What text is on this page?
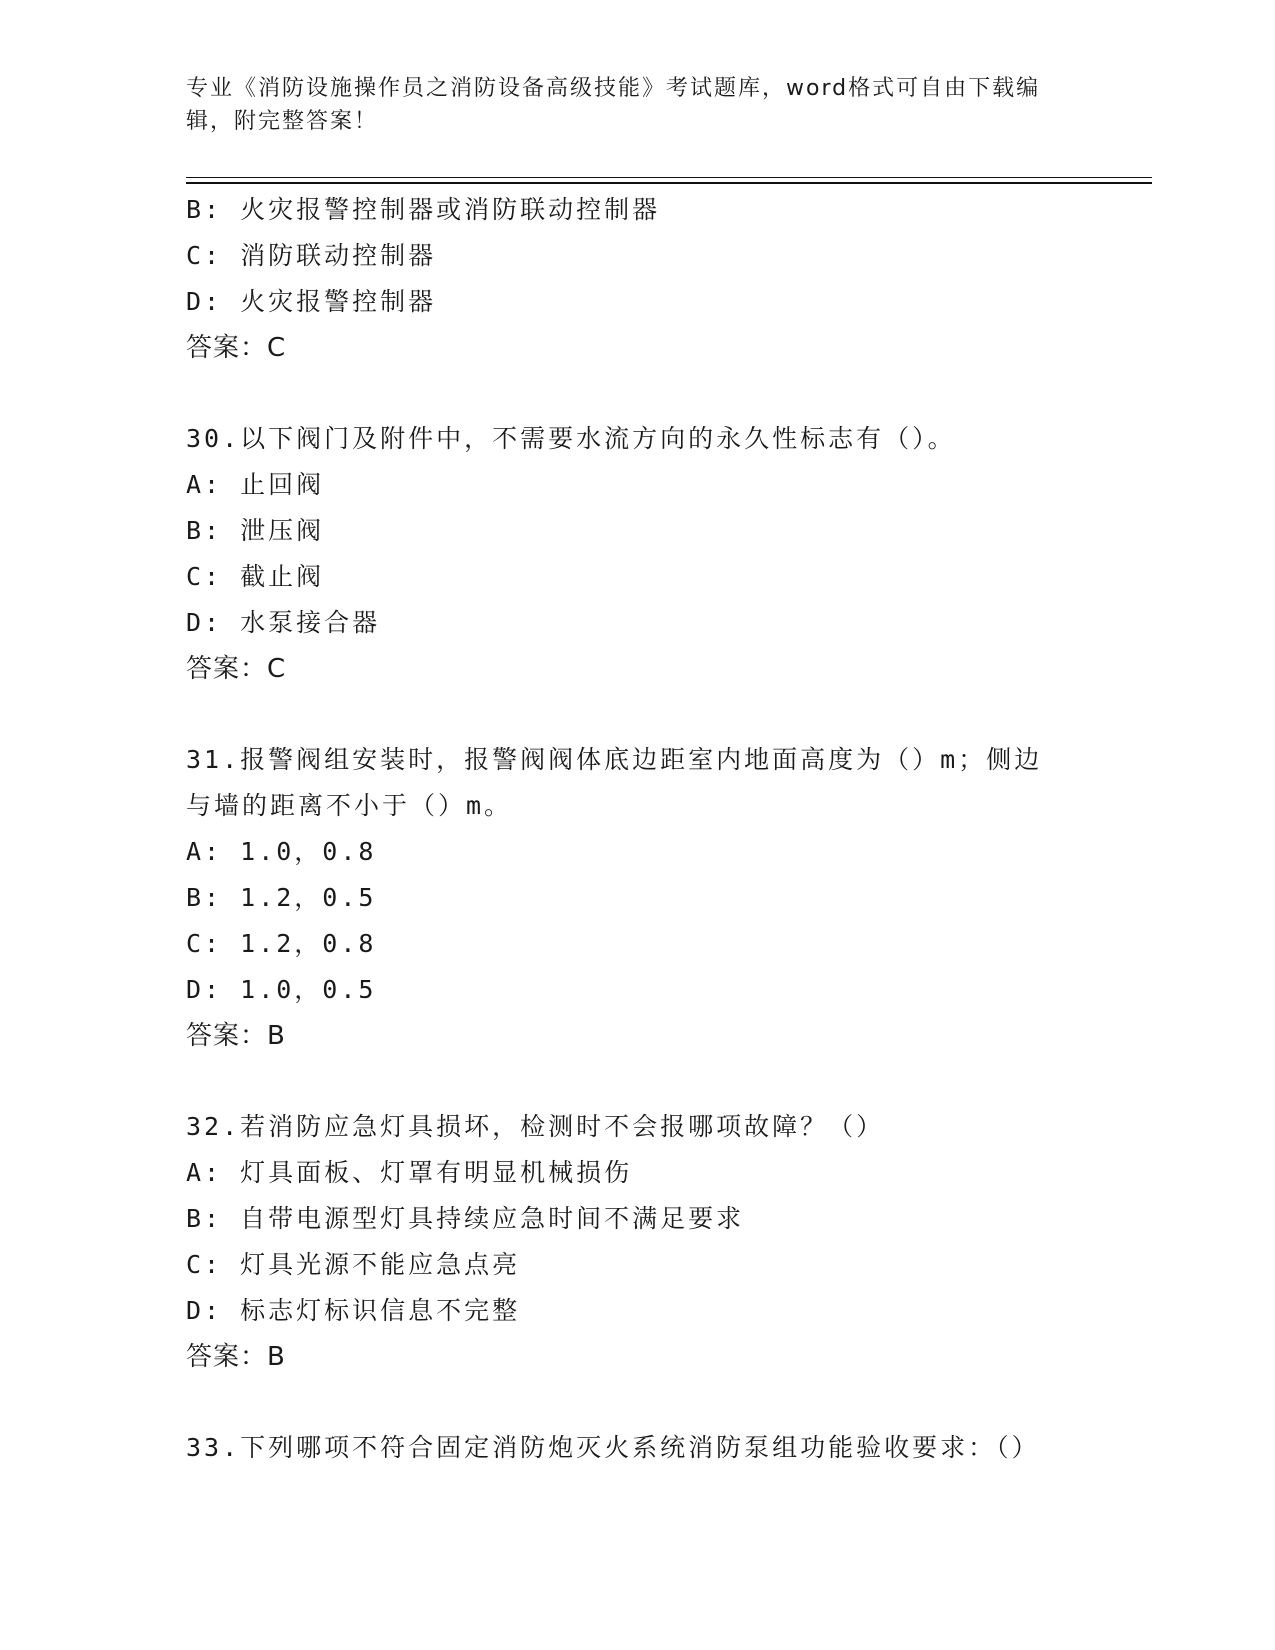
专业《消防设施操作员之消防设备高级技能》考试题库，word格式可自由下载编辑，附完整答案！
B: 火灾报警控制器或消防联动控制器
C: 消防联动控制器
D: 火灾报警控制器
答案：C
30.以下阀门及附件中，不需要水流方向的永久性标志有（）。
A: 止回阀
B: 泄压阀
C: 截止阀
D: 水泵接合器
答案：C
31.报警阀组安装时，报警阀阀体底边距室内地面高度为（）m；侧边与墙的距离不小于（）m。
A: 1.0，0.8
B: 1.2，0.5
C: 1.2，0.8
D: 1.0，0.5
答案：B
32.若消防应急灯具损坏，检测时不会报哪项故障？（）
A: 灯具面板、灯罩有明显机械损伤
B: 自带电源型灯具持续应急时间不满足要求
C: 灯具光源不能应急点亮
D: 标志灯标识信息不完整
答案：B
33.下列哪项不符合固定消防炮灭火系统消防泵组功能验收要求：（）
